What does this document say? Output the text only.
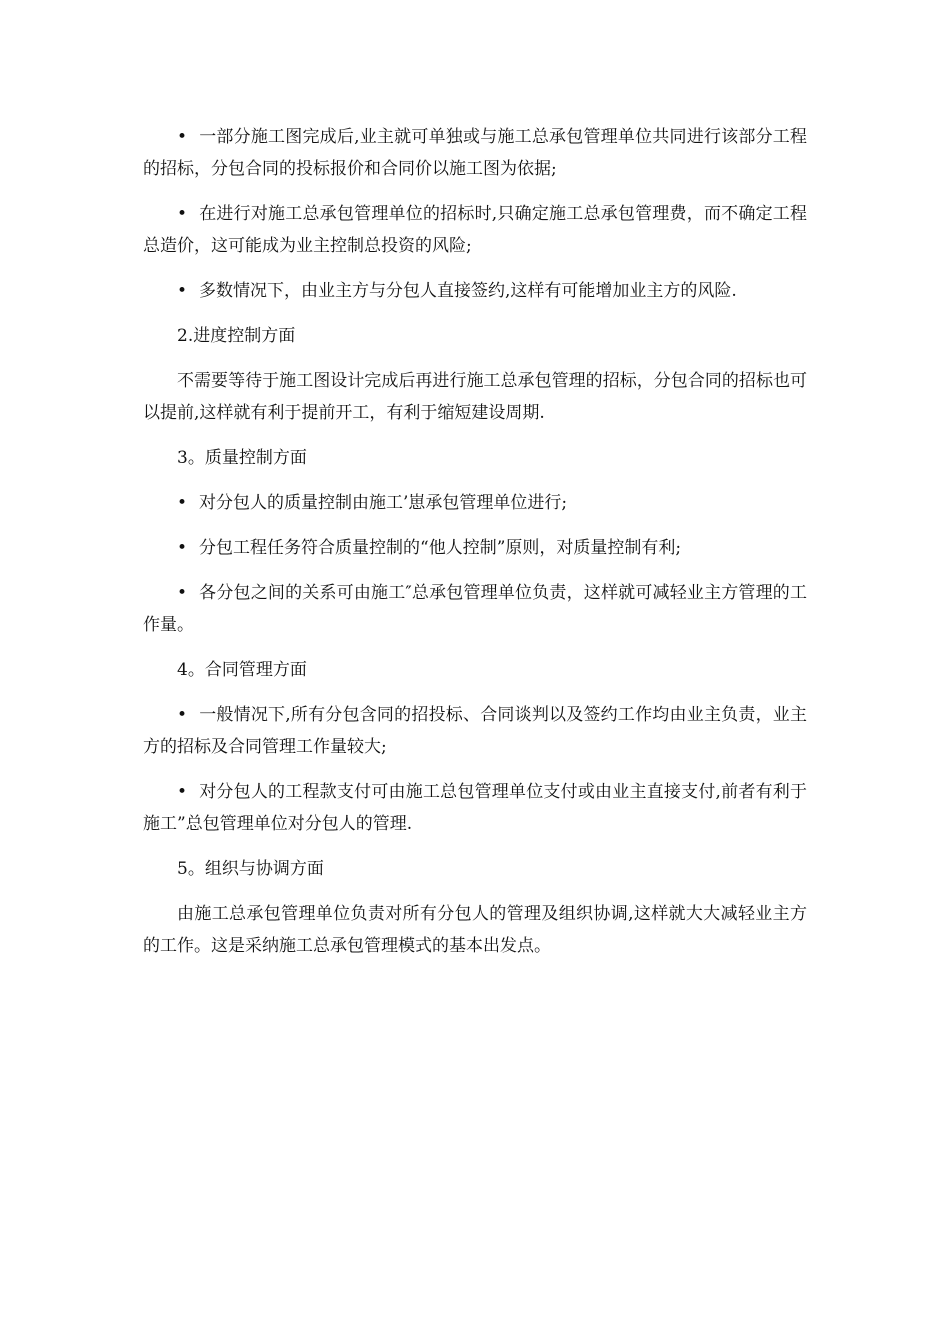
• 一部分施工图完成后,业主就可单独或与施工总承包管理单位共同进行该部分工程的招标，分包合同的投标报价和合同价以施工图为依据;

• 在进行对施工总承包管理单位的招标时,只确定施工总承包管理费，而不确定工程总造价，这可能成为业主控制总投资的风险;

• 多数情况下，由业主方与分包人直接签约,这样有可能增加业主方的风险.

2.进度控制方面

不需要等待于施工图设计完成后再进行施工总承包管理的招标，分包合同的招标也可以提前,这样就有利于提前开工，有利于缩短建设周期.

3。质量控制方面

• 对分包人的质量控制由施工’崽承包管理单位进行;

• 分包工程任务符合质量控制的“他人控制”原则，对质量控制有利;

• 各分包之间的关系可由施工″总承包管理单位负责，这样就可减轻业主方管理的工作量。

4。合同管理方面

• 一般情况下,所有分包含同的招投标、合同谈判以及签约工作均由业主负责，业主方的招标及合同管理工作量较大;

• 对分包人的工程款支付可由施工总包管理单位支付或由业主直接支付,前者有利于施工”总包管理单位对分包人的管理.

5。组织与协调方面

由施工总承包管理单位负责对所有分包人的管理及组织协调,这样就大大减轻业主方的工作。这是采纳施工总承包管理模式的基本出发点。
